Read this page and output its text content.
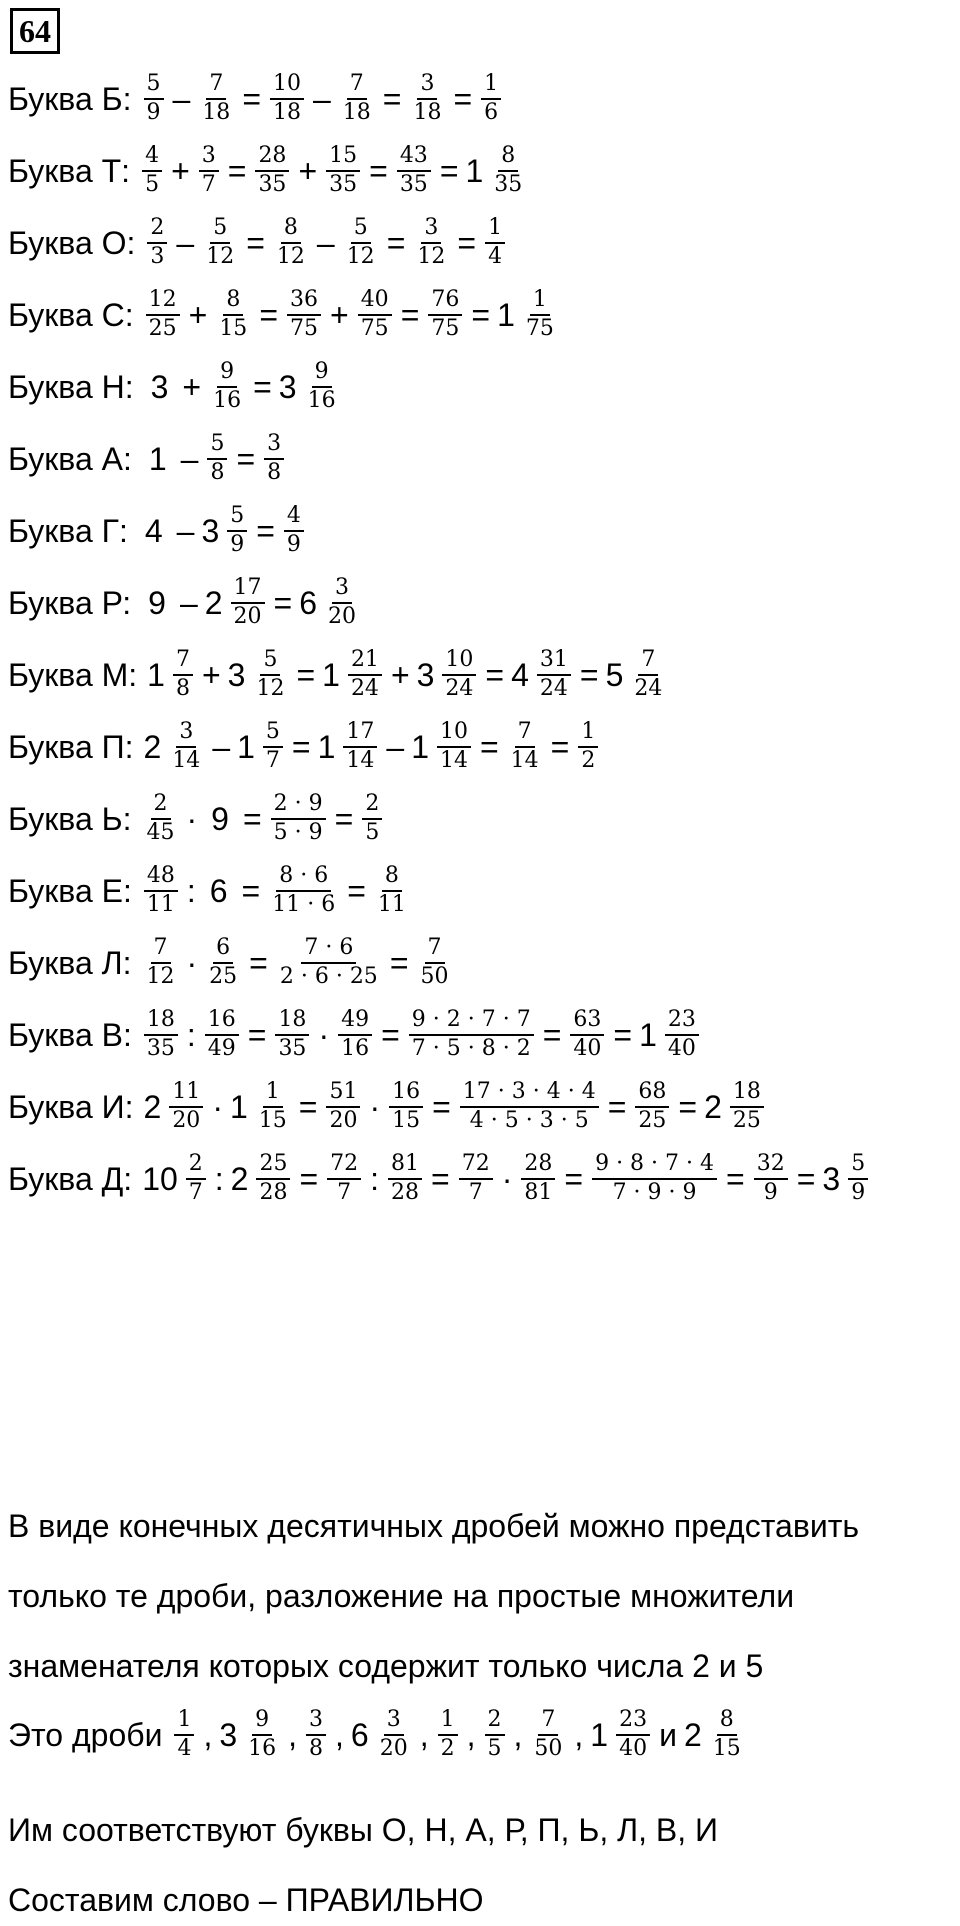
64
Буква Б: $\frac{5}{9} - \frac{7}{18} = \frac{10}{18} - \frac{7}{18} = \frac{3}{18} = \frac{1}{6}$
Буква Т: $\frac{4}{5} + \frac{3}{7} = \frac{28}{35} + \frac{15}{35} = \frac{43}{35} = 1 \frac{8}{35}$
Буква О: $\frac{2}{3} - \frac{5}{12} = \frac{8}{12} - \frac{5}{12} = \frac{3}{12} = \frac{1}{4}$
Буква С: $\frac{12}{25} + \frac{8}{15} = \frac{36}{75} + \frac{40}{75} = \frac{76}{75} = 1 \frac{1}{75}$
Буква Н: $3 + \frac{9}{16} = 3 \frac{9}{16}$
Буква А: $1 - \frac{5}{8} = \frac{3}{8}$
Буква Г: $4 - 3 \frac{5}{9} = \frac{4}{9}$
Буква Р: $9 - 2 \frac{17}{20} = 6 \frac{3}{20}$
Буква М: $1 \frac{7}{8} + 3 \frac{5}{12} = 1 \frac{21}{24} + 3 \frac{10}{24} = 4 \frac{31}{24} = 5 \frac{7}{24}$
Буква П: $2 \frac{3}{14} - 1 \frac{5}{7} = 1 \frac{17}{14} - 1 \frac{10}{14} = \frac{7}{14} = \frac{1}{2}$
Буква Ь: $\frac{2}{45} \cdot 9 = \frac{2 \cdot 9}{5 \cdot 9} = \frac{2}{5}$
Буква Е: $\frac{48}{11}$ : $6 = \frac{8 \cdot 6}{11 \cdot 6} = \frac{8}{11}$
Буква Л: $\frac{7}{12} \cdot \frac{6}{25} = \frac{7 \cdot 6}{2 \cdot 6 \cdot 25} = \frac{7}{50}$
Буква В: $\frac{18}{35}$ : $\frac{16}{49} = \frac{18}{35} \cdot \frac{49}{16} = \frac{9 \cdot 2 \cdot 7 \cdot 7}{7 \cdot 5 \cdot 8 \cdot 2} = \frac{63}{40} = 1 \frac{23}{40}$
Буква И: $2 \frac{11}{20} \cdot 1 \frac{1}{15} = \frac{51}{20} \cdot \frac{16}{15} = \frac{17 \cdot 3 \cdot 4 \cdot 4}{4 \cdot 5 \cdot 3 \cdot 5} = \frac{68}{25} = 2 \frac{18}{25}$
Буква Д: $10 \frac{2}{7}$ : $2 \frac{25}{28} = \frac{72}{7}$ : $\frac{81}{28} = \frac{72}{7} \cdot \frac{28}{81} = \frac{9 \cdot 8 \cdot 7 \cdot 4}{7 \cdot 9 \cdot 9} = \frac{32}{9} = 3 \frac{5}{9}$
В виде конечных десятичных дробей можно представить
только те дроби, разложение на простые множители
знаменателя которых содержит только числа 2 и 5
Это дроби $\frac{1}{4}$ , $3 \frac{9}{16}$ , $\frac{3}{8}$ , $6 \frac{3}{20}$ , $\frac{1}{2}$ , $\frac{2}{5}$ , $\frac{7}{50}$ , $1 \frac{23}{40}$ и $2 \frac{8}{15}$
Им соответствуют буквы О, Н, А, Р, П, Ь, Л, В, И
Составим слово – ПРАВИЛЬНО
